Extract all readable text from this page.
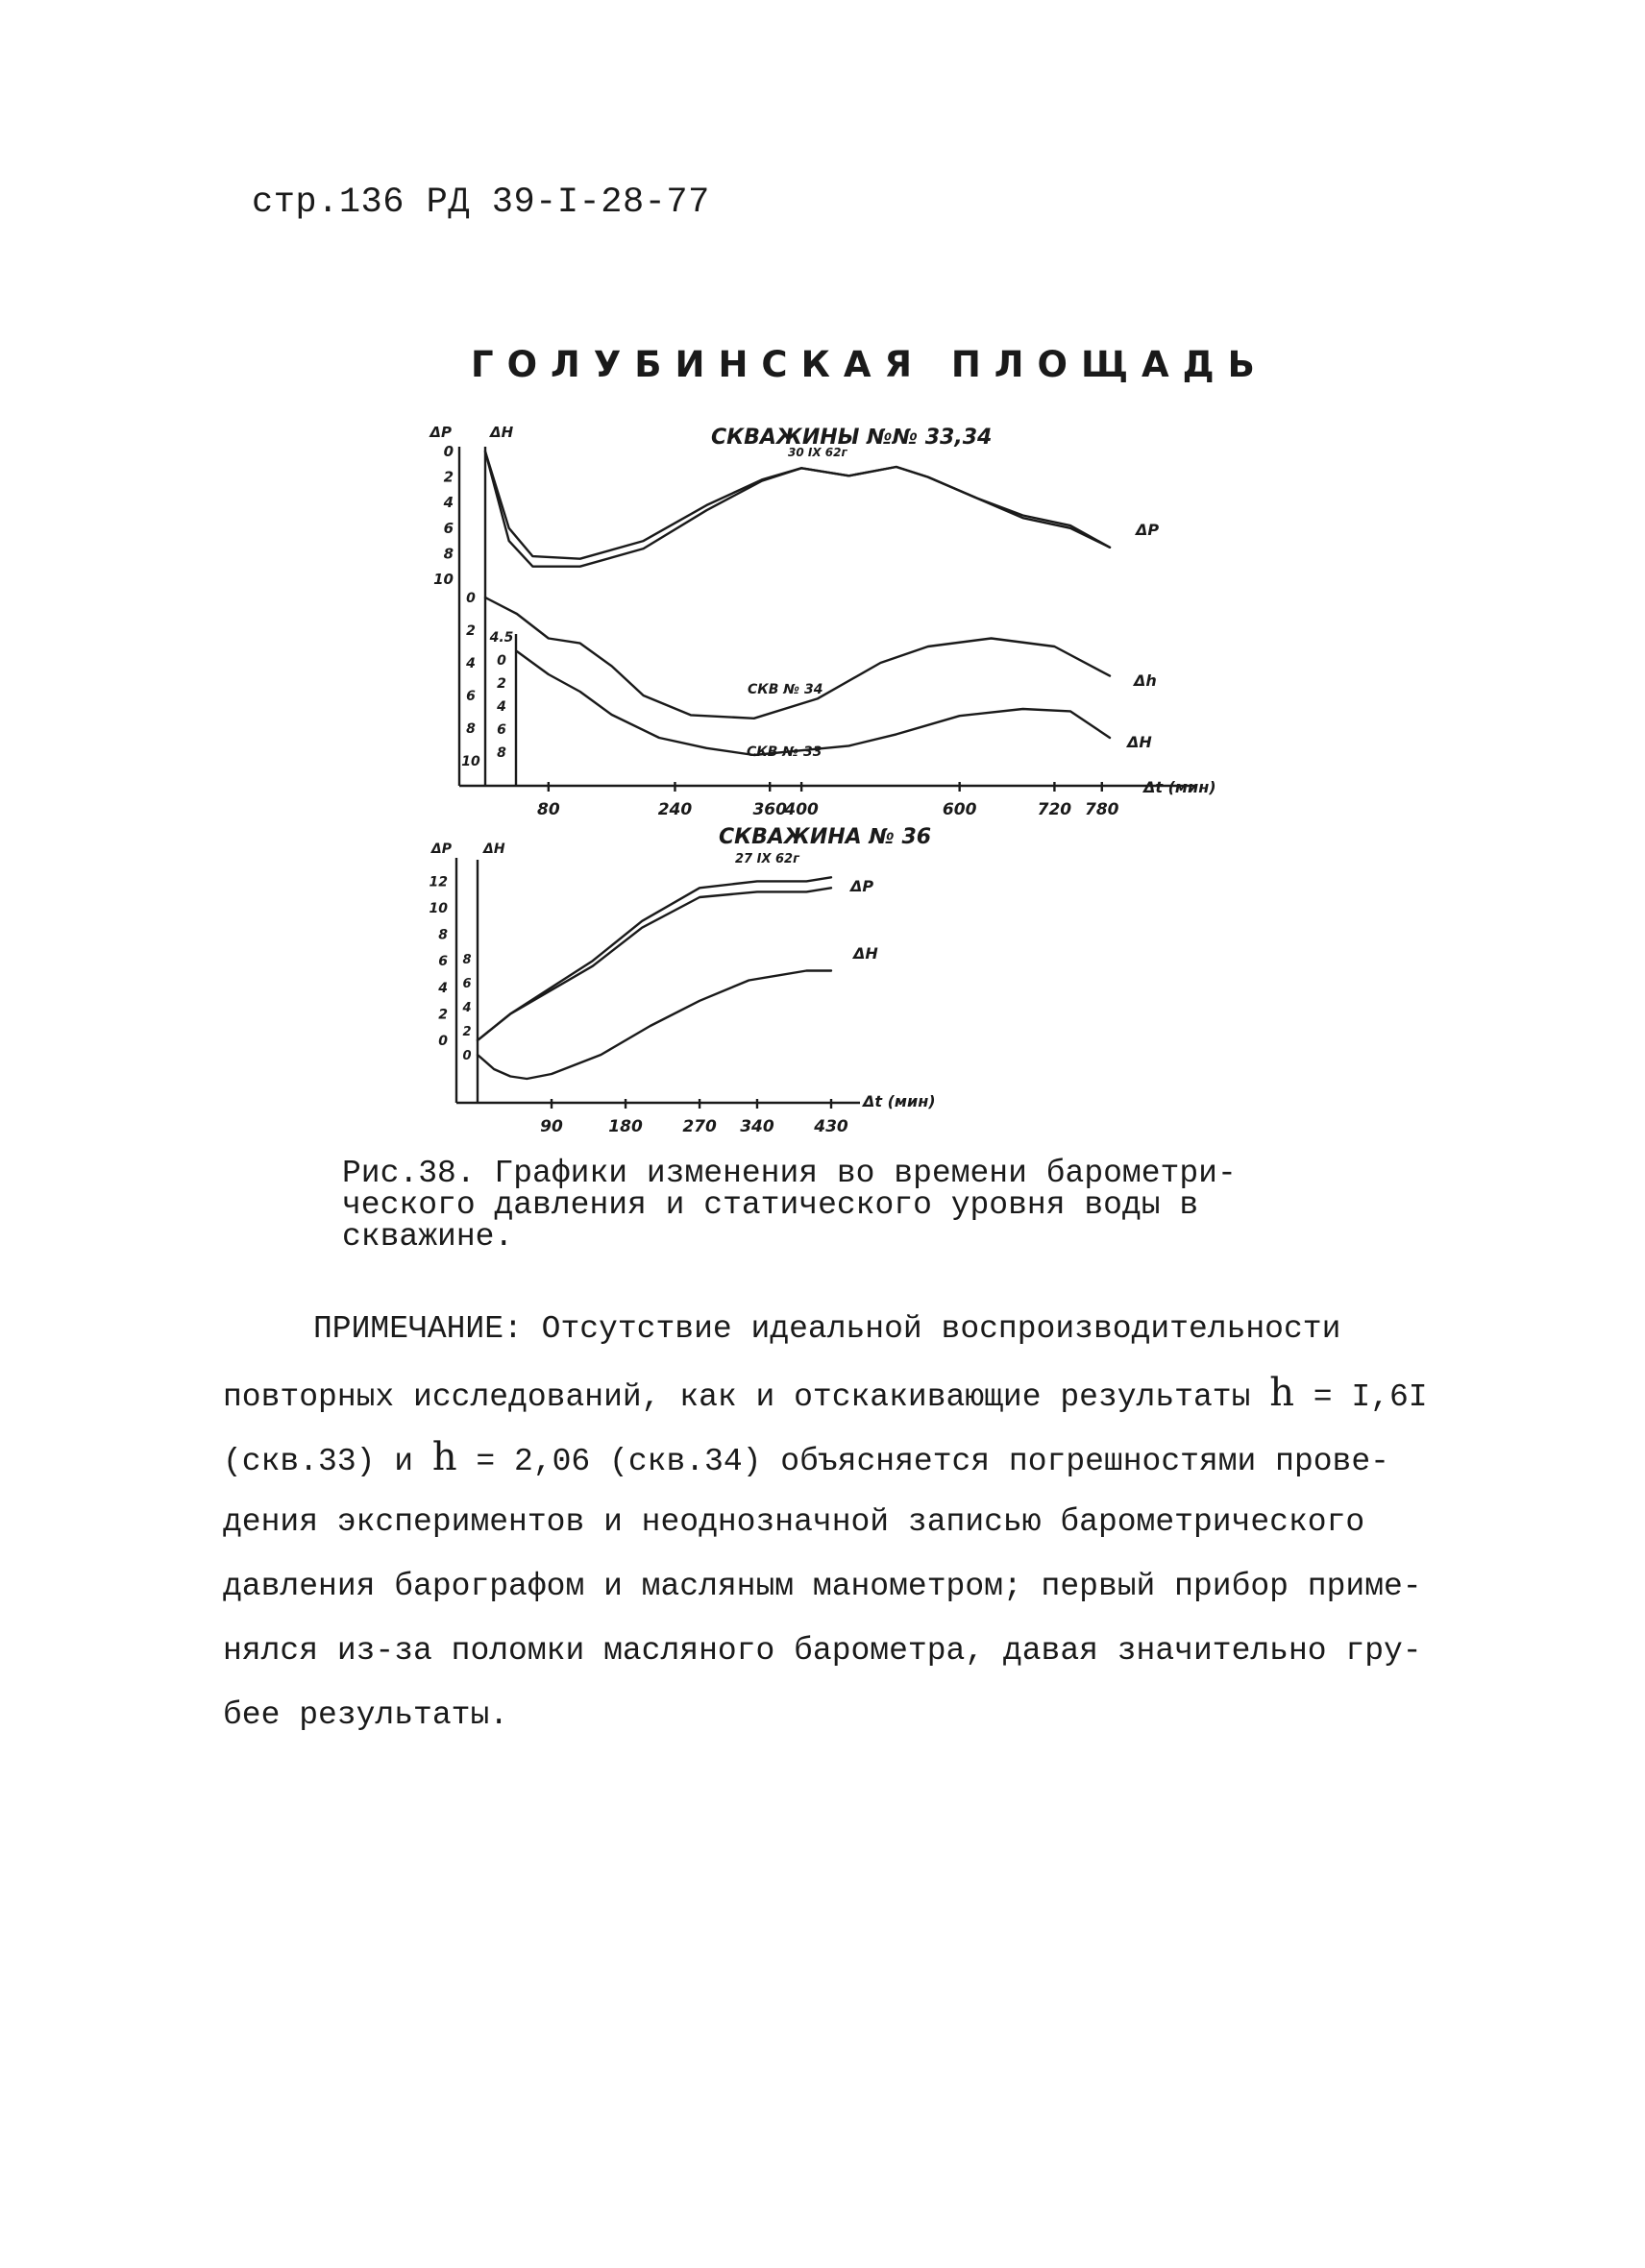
стр.136 РД 39-I-28-77
ГОЛУБИНСКАЯ ПЛОЩАДЬ
80	240	360
400	600	720 780
Δt (мин)
ΔP	ΔH
0
2
4
6
8
10
0
2
4
6
8
10
4.5
0
2
4
6
8
СКВАЖИНЫ №№ 33,34
30 IX 62г
ΔP
Δh
ΔH
СКВ № 34
СКВ № 33
90	180 270 340 430
Δt (мин)
ΔP ΔH
12
10
8
6
4
2
0
8
6
4
2
0
СКВАЖИНА № 36
27 IX 62г
ΔP
ΔH
Рис.38. Графики изменения во времени барометри-
ческого давления и статического уровня воды в
скважине.

ПРИМЕЧАНИЕ: Отсутствие идеальной воспроизводительности

повторных исследований, как и отскакивающие результаты h = I,6I

(скв.33) и h = 2,06 (скв.34) объясняется погрешностями прове-

дения экспериментов и неоднозначной записью барометрического

давления барографом и масляным манометром; первый прибор приме-

нялся из-за поломки масляного барометра, давая значительно гру-

бее результаты.
